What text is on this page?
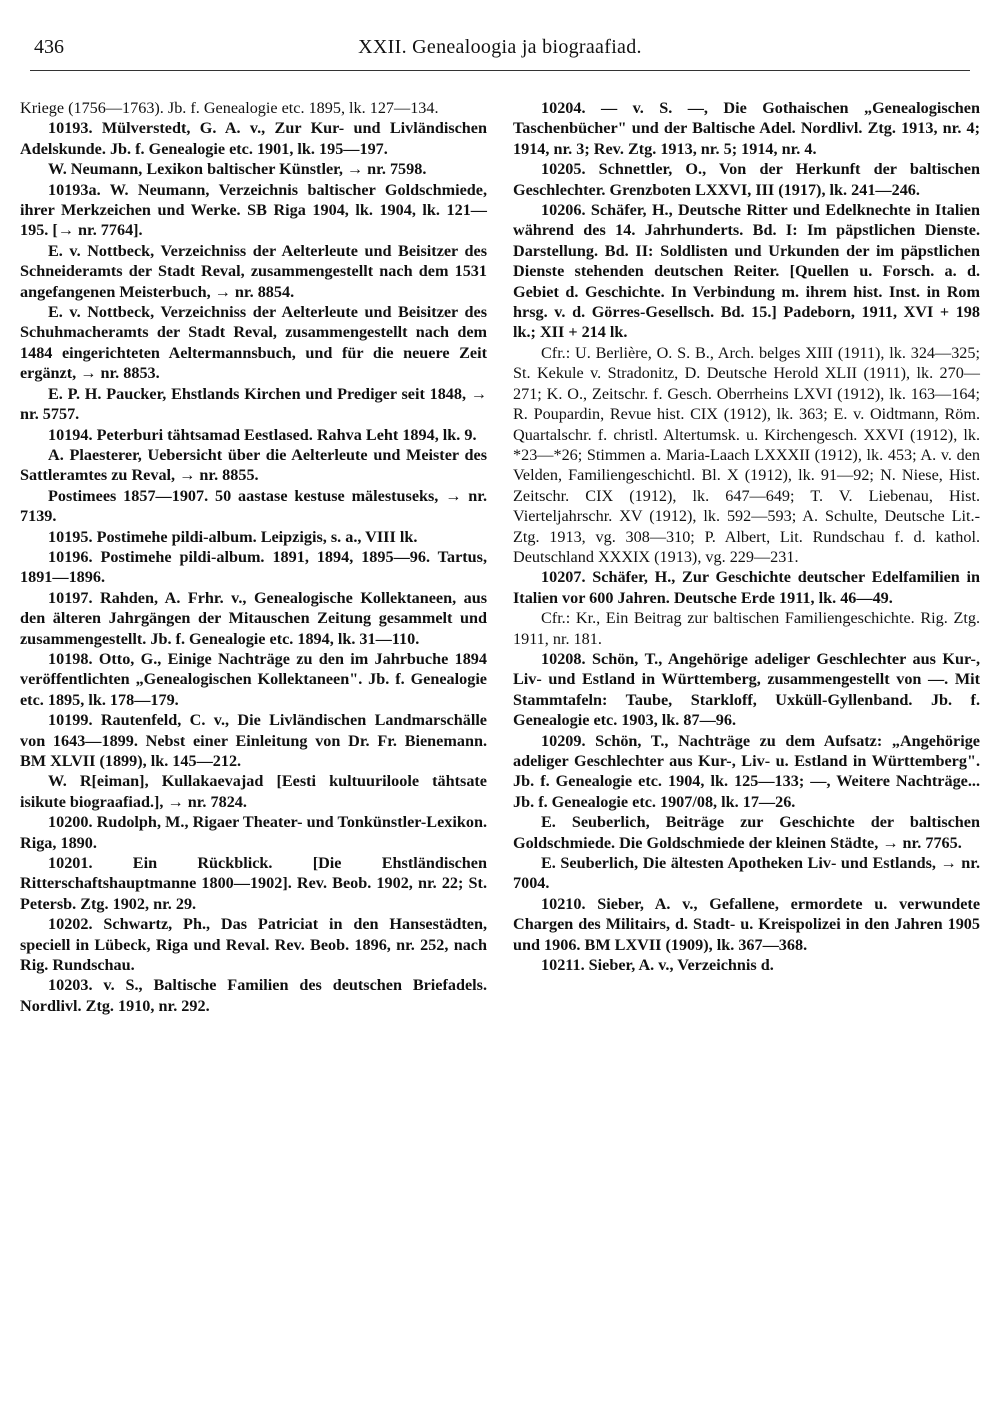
436	XXII. Genealoogia ja biograafiad.

Kriege (1756—1763). Jb. f. Genealogie etc. 1895, lk. 127—134.

10193. Mülverstedt, G. A. v., Zur Kur- und Livländischen Adelskunde. Jb. f. Genealogie etc. 1901, lk. 195—197.

W. Neumann, Lexikon baltischer Künstler, → nr. 7598.

10193a. W. Neumann, Verzeichnis baltischer Goldschmiede, ihrer Merkzeichen und Werke. SB Riga 1904, lk. 1904, lk. 121—195. [→ nr. 7764].

E. v. Nottbeck, Verzeichniss der Aelterleute und Beisitzer des Schneideramts der Stadt Reval, zusammengestellt nach dem 1531 angefangenen Meisterbuch, → nr. 8854.

E. v. Nottbeck, Verzeichniss der Aelterleute und Beisitzer des Schuhmacheramts der Stadt Reval, zusammengestellt nach dem 1484 eingerichteten Aeltermannsbuch, und für die neuere Zeit ergänzt, → nr. 8853.

E. P. H. Paucker, Ehstlands Kirchen und Prediger seit 1848, → nr. 5757.

10194. Peterburi tähtsamad Eestlased. Rahva Leht 1894, lk. 9.

A. Plaesterer, Uebersicht über die Aelterleute und Meister des Sattleramtes zu Reval, → nr. 8855.

Postimees 1857—1907. 50 aastase kestuse mälestuseks, → nr. 7139.

10195. Postimehe pildi-album. Leipzigis, s. a., VIII lk.

10196. Postimehe pildi-album. 1891, 1894, 1895—96. Tartus, 1891—1896.

10197. Rahden, A. Frhr. v., Genealogische Kollektaneen, aus den älteren Jahrgängen der Mitauschen Zeitung gesammelt und zusammengestellt. Jb. f. Genealogie etc. 1894, lk. 31—110.

10198. Otto, G., Einige Nachträge zu den im Jahrbuche 1894 veröffentlichten „Genealogischen Kollektaneen". Jb. f. Genealogie etc. 1895, lk. 178—179.

10199. Rautenfeld, C. v., Die Livländischen Landmarschälle von 1643—1899. Nebst einer Einleitung von Dr. Fr. Bienemann. BM XLVII (1899), lk. 145—212.

W. R[eiman], Kullakaevajad [Eesti kultuuriloole tähtsate isikute biograafiad.], → nr. 7824.

10200. Rudolph, M., Rigaer Theater- und Tonkünstler-Lexikon. Riga, 1890.

10201. Ein Rückblick. [Die Ehstländischen Ritterschaftshauptmanne 1800—1902]. Rev. Beob. 1902, nr. 22; St. Petersb. Ztg. 1902, nr. 29.

10202. Schwartz, Ph., Das Patriciat in den Hansestädten, speciell in Lübeck, Riga und Reval. Rev. Beob. 1896, nr. 252, nach Rig. Rundschau.

10203. v. S., Baltische Familien des deutschen Briefadels. Nordlivl. Ztg. 1910, nr. 292.

10204. — v. S. —, Die Gothaischen „Genealogischen Taschenbücher" und der Baltische Adel. Nordlivl. Ztg. 1913, nr. 4; 1914, nr. 3; Rev. Ztg. 1913, nr. 5; 1914, nr. 4.

10205. Schnettler, O., Von der Herkunft der baltischen Geschlechter. Grenzboten LXXVI, III (1917), lk. 241—246.

10206. Schäfer, H., Deutsche Ritter und Edelknechte in Italien während des 14. Jahrhunderts. Bd. I: Im päpstlichen Dienste. Darstellung. Bd. II: Soldlisten und Urkunden der im päpstlichen Dienste stehenden deutschen Reiter. [Quellen u. Forsch. a. d. Gebiet d. Geschichte. In Verbindung m. ihrem hist. Inst. in Rom hrsg. v. d. Görres-Gesellsch. Bd. 15.] Padeborn, 1911, XVI + 198 lk.; XII + 214 lk.

Cfr.: U. Berlière, O. S. B., Arch. belges XIII (1911), lk. 324—325; St. Kekule v. Stradonitz, D. Deutsche Herold XLII (1911), lk. 270—271; K. O., Zeitschr. f. Gesch. Oberrheins LXVI (1912), lk. 163—164; R. Poupardin, Revue hist. CIX (1912), lk. 363; E. v. Oidtmann, Röm. Quartalschr. f. christl. Altertumsk. u. Kirchengesch. XXVI (1912), lk. *23—*26; Stimmen a. Maria-Laach LXXXII (1912), lk. 453; A. v. den Velden, Familiengeschichtl. Bl. X (1912), lk. 91—92; N. Niese, Hist. Zeitschr. CIX (1912), lk. 647—649; T. V. Liebenau, Hist. Vierteljahrschr. XV (1912), lk. 592—593; A. Schulte, Deutsche Lit.-Ztg. 1913, vg. 308—310; P. Albert, Lit. Rundschau f. d. kathol. Deutschland XXXIX (1913), vg. 229—231.

10207. Schäfer, H., Zur Geschichte deutscher Edelfamilien in Italien vor 600 Jahren. Deutsche Erde 1911, lk. 46—49.

Cfr.: Kr., Ein Beitrag zur baltischen Familiengeschichte. Rig. Ztg. 1911, nr. 181.

10208. Schön, T., Angehörige adeliger Geschlechter aus Kur-, Liv- und Estland in Württemberg, zusammengestellt von —. Mit Stammtafeln: Taube, Starkloff, Uxküll-Gyllenband. Jb. f. Genealogie etc. 1903, lk. 87—96.

10209. Schön, T., Nachträge zu dem Aufsatz: „Angehörige adeliger Geschlechter aus Kur-, Liv- u. Estland in Württemberg". Jb. f. Genealogie etc. 1904, lk. 125—133; —, Weitere Nachträge... Jb. f. Genealogie etc. 1907/08, lk. 17—26.

E. Seuberlich, Beiträge zur Geschichte der baltischen Goldschmiede. Die Goldschmiede der kleinen Städte, → nr. 7765.

E. Seuberlich, Die ältesten Apotheken Liv- und Estlands, → nr. 7004.

10210. Sieber, A. v., Gefallene, ermordete u. verwundete Chargen des Militairs, d. Stadt- u. Kreispolizei in den Jahren 1905 und 1906. BM LXVII (1909), lk. 367—368.

10211. Sieber, A. v., Verzeichnis d.
